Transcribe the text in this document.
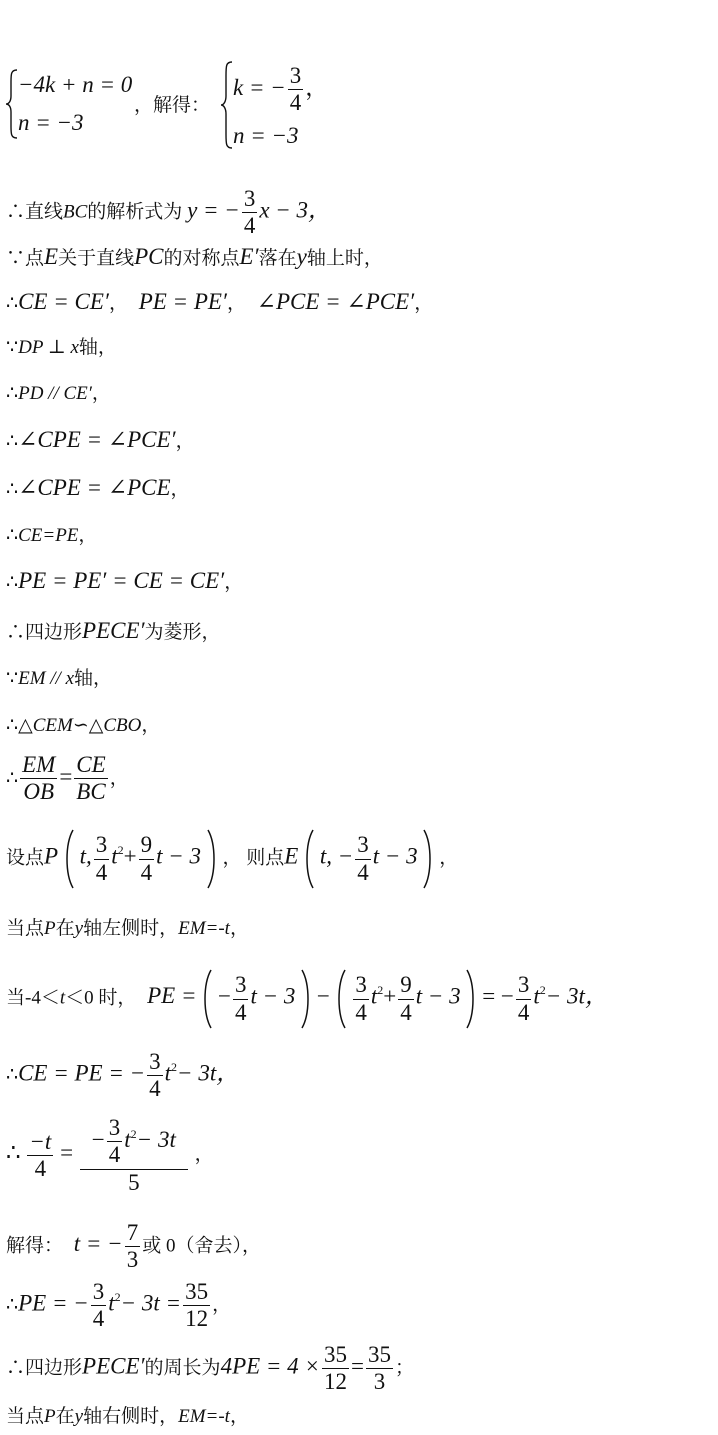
−4k + n = 0
n = −3
，解得：
k = − $\frac{3}{4}$ ，
n = −3
∴直线BC的解析式为 y = − $\frac{3}{4}$ x − 3，
∵点E关于直线PC的对称点E′落在y轴上时，
∴CE = CE′， PE = PE′， ∠PCE = ∠PCE′，
∵DP ⊥ x轴，
∴PD // CE′，
∴∠CPE = ∠PCE′，
∴∠CPE = ∠PCE，
∴CE=PE，
∴PE = PE′ = CE = CE′，
∴四边形PECE′为菱形，
∵EM // x轴，
∴△CEM∽△CBO，
∴ $\frac{EM}{OB} = \frac{CE}{BC}$ ，
设点P t, $\frac{3}{4} t^2+ \frac{9}{4}$ t − 3 ， 则点E t, − $\frac{3}{4}$ t − 3 ，
当点P在y轴左侧时，EM=-t，
当-4＜t＜0 时， PE = − $\frac{3}{4}$ $t - 3 - \frac{3}{4} t^2+ \frac{9}{4}$ t − 3 = − $\frac{3}{4} t^2- 3t$，
∴CE = PE = − $\frac{3}{4} t^2- 3t$，
∴ $\frac{-t}{4} = \frac{- \frac{3}{4} t^2- 3t}{5}$ ，
解得： t = − $\frac{7}{3}$ 或 0（舍去），
∴PE = − $\frac{3}{4} t^2- 3t = \frac{35}{12}$ ，
∴四边形PECE′的周长为$4PE = 4 \times \frac{35}{12} = \frac{35}{3}$ ；
当点P在y轴右侧时，EM=-t，
